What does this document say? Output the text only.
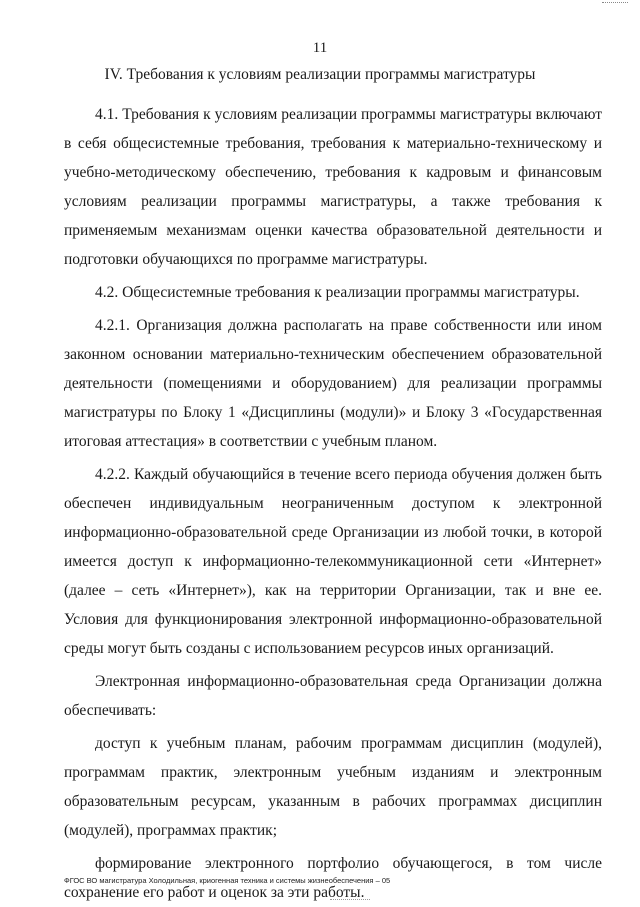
11
IV. Требования к условиям реализации программы магистратуры

4.1. Требования к условиям реализации программы магистратуры включают в себя общесистемные требования, требования к материально-техническому и учебно-методическому обеспечению, требования к кадровым и финансовым условиям реализации программы магистратуры, а также требования к применяемым механизмам оценки качества образовательной деятельности и подготовки обучающихся по программе магистратуры.

4.2. Общесистемные требования к реализации программы магистратуры.

4.2.1. Организация должна располагать на праве собственности или ином законном основании материально-техническим обеспечением образовательной деятельности (помещениями и оборудованием) для реализации программы магистратуры по Блоку 1 «Дисциплины (модули)» и Блоку 3 «Государственная итоговая аттестация» в соответствии с учебным планом.

4.2.2. Каждый обучающийся в течение всего периода обучения должен быть обеспечен индивидуальным неограниченным доступом к электронной информационно-образовательной среде Организации из любой точки, в которой имеется доступ к информационно-телекоммуникационной сети «Интернет» (далее – сеть «Интернет»), как на территории Организации, так и вне ее. Условия для функционирования электронной информационно-образовательной среды могут быть созданы с использованием ресурсов иных организаций.

Электронная информационно-образовательная среда Организации должна обеспечивать:

доступ к учебным планам, рабочим программам дисциплин (модулей), программам практик, электронным учебным изданиям и электронным образовательным ресурсам, указанным в рабочих программах дисциплин (модулей), программах практик;

формирование электронного портфолио обучающегося, в том числе сохранение его работ и оценок за эти работы.

ФГОС ВО магистратура Холодильная, криогенная техника и системы жизнеобеспечения – 05
